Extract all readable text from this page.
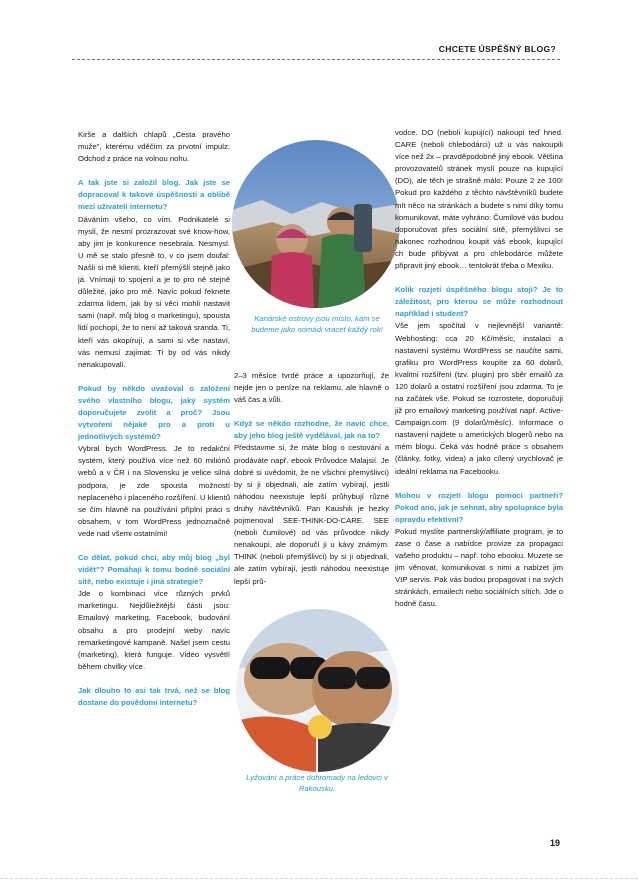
CHCETE ÚSPĚŠNÝ BLOG?

Kirše a dalších chlapů „Cesta pravého muže", kterému vděčím za prvotní impulz: Odchod z práce na volnou nohu.

A tak jste si založil blog. Jak jste se dopracoval k takové úspěšnosti a oblibě mezi uživateli internetu?

Dáváním všeho, co vím. Podnikatelé si myslí, že nesmí prozrazovat své know-how, aby jim je konkurence nesebrala. Nesmysl. U mě se stalo přesně to, v co jsem doufal: Našli si mě klienti, kteří přemýšlí stejně jako já. Vnímají to spojení a je to pro ně stejně důležité, jako pro mě. Navíc pokud řeknete zdarma lidem, jak by si věci mohli nastavit sami (např. můj blog o marketingu), spousta lidí pochopí, že to není až taková sranda. Ti, kteří vás okopírují, a sami si vše nastaví, vás nemusí zajímat: Ti by od vás nikdy nenakupovali.

Pokud by někdo uvažoval o založení svého vlastního blogu, jaký systém doporučujete zvolit a proč? Jsou vytvoření nějaké pro a proti u jednotlivých systémů?

Vybral bych WordPress. Je to redakční systém, který používá více než 60 miliónů webů a v ČR i na Slovensku je velice silná podpora, je zde spousta možností neplaceného i placeného rozšíření. U klientů se čím hlavně na používání příplní práci s obsahem, v tom WordPress jednoznačně vede nad všemi ostatními!

Co dělat, pokud chci, aby můj blog „byl vidět"? Pomáhají k tomu bodně sociální sítě, nebo existuje i jiná strategie?

Jde o kombinaci více různých prvků marketingu. Nejdůležitější části jsou: Emailový marketing, Facebook, budování obsahu a pro prodejní weby navíc remarketingové kampaně. Našel jsem cestu (marketing), která funguje. Video vysvětlí během chvilky více.

Jak dlouho to asi tak trvá, než se blog dostane do povědomí internetu?

Kanárské ostrovy jsou místo, kam se budeme jako nomádi vracet každý rok!

2–3 měsíce tvrdé práce a upozorňují, že nejde jen o peníze na reklamu, ale hlavně o váš čas a vůli.

Když se někdo rozhodne, že navíc chce, aby jeho blog ještě vydělával, jak na to?

Představme si, že máte blog o cestování a prodáváte např. ebook Průvodce Malajsií. Je dobré si uvědomit, že ne všichni přemýšlivci) by si ji objednali, ale zatím vybírají, jestli náhodou neexistuje lepší průhybují různé druhy návštěvníků. Pan Kaushik je hezky pojmenoval SEE-THINK-DO-CARE. SEE (neboli čumilové) od vás průvodce nikdy nenakoupí, ale doporučí ji u kávy známým. THINK (neboli přemýšlivci) by si ji objednali, ale zatím vybírají, jestli náhodou neexistuje lepší prů-

Lyžování a práce dohromady na ledovci v Rakousku.

vodce. DO (neboli kupující) nakoupí teď hned. CARE (neboli chlebodárci) už u vás nakoupili více než 2x – pravděpodobně jiný ebook. Většina provozovatelů stránek myslí pouze na kupující (DO), ale těch je strašně málo: Pouze 2 ze 100! Pokud pro každého z těchto návštěvníků budete mít něco na stránkách a budete s nimi díky tomu komunikovat, máte vyhráno: Čumilové vás budou doporučovat přes sociální sítě, přemýšlivci se nakonec rozhodnou koupit váš ebook, kupující ch bude přibývat a pro chlebodárce můžete připravit jiný ebook… tentokrát třeba o Mexiku.

Kolik rozjetí úspěšného blogu stojí? Je to záležitost, pro kterou se může rozhodnout například i student?

Vše jem spočítal v nejlevnější variantě: Webhosting: cca 20 Kč/měsíc, instalaci a nastavení systému WordPress se naučíte sami, grafiku pro WordPress koupíte za 60 dolarů, kvalitní rozšíření (tzv. plugin) pro sběr emailů za 120 dolarů a ostatní rozšíření jsou zdarma. To je na začátek vše. Pokud se rozrostete, doporučuji již pro emailový marketing používat např. Active-Campaign.com (9 dolarů/měsíc). Informace o nastavení najdete u amerických blogerů nebo na mém blogu. Čeká vás hodně práce s obsahem (články, fotky, videa) a jako cílený urychlovač je ideální reklama na Facebooku.

Mohou v rozjetí blogu pomoci partneři? Pokud ano, jak je sehnat, aby spolupráce byla opravdu efektivní?

Pokud myslíte partnerský/affiliate program, je to zase o čase a nabídce provize za propagaci vašeho produktu – např. toho ebooku. Muzete se jim věnovat, komunikovat s nimi a nabízet jim VIP servis. Pak vás budou propagovat i na svých stránkách, emailech nebo sociálních sítích. Jde o hodně času.

19
